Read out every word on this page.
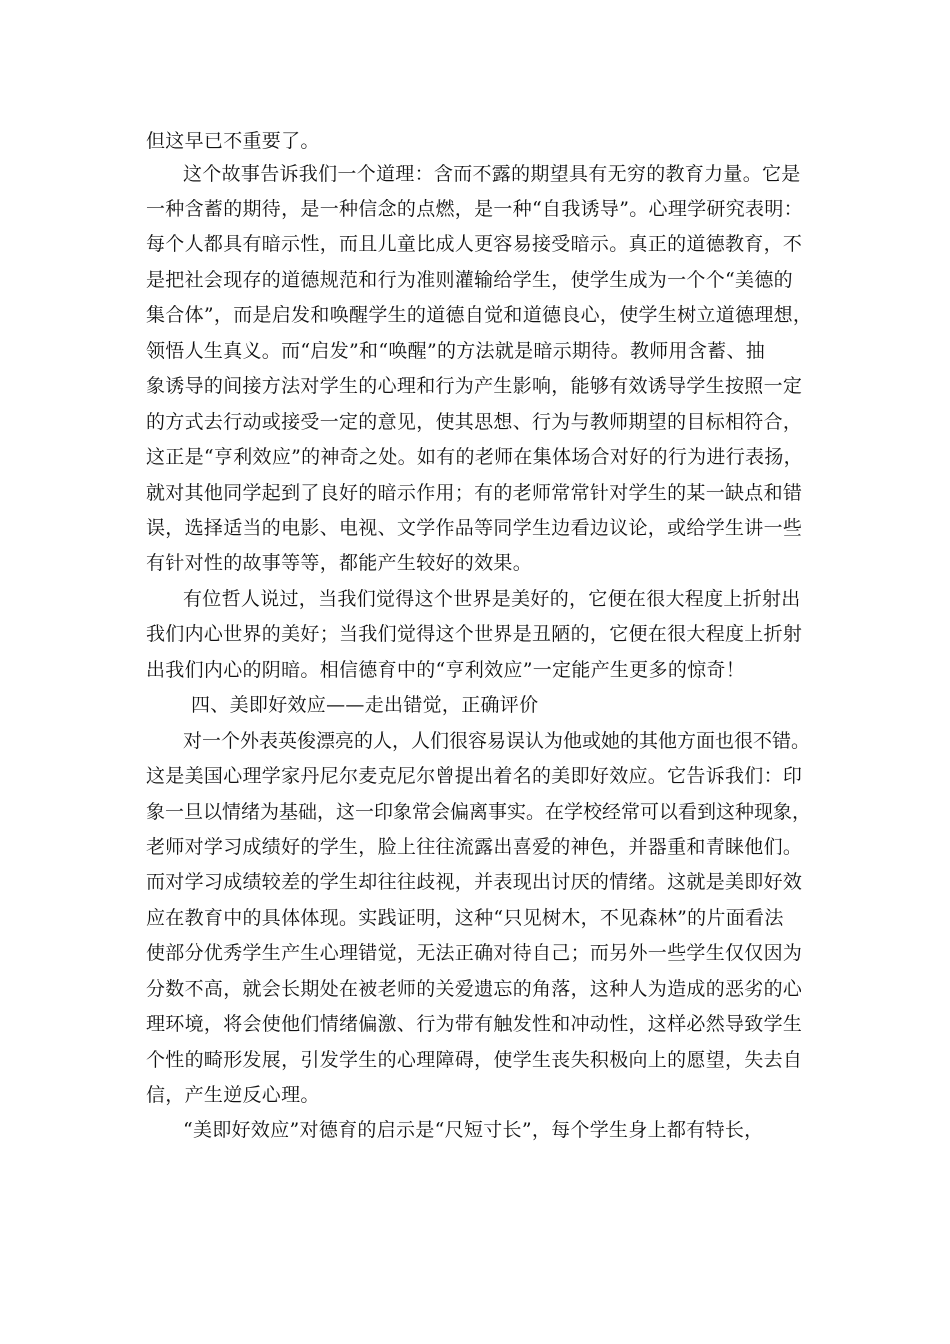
但这早已不重要了。
这个故事告诉我们一个道理：含而不露的期望具有无穷的教育力量。它是
一种含蓄的期待，是一种信念的点燃，是一种“自我诱导”。心理学研究表明：
每个人都具有暗示性，而且儿童比成人更容易接受暗示。真正的道德教育，不
是把社会现存的道德规范和行为准则灌输给学生，使学生成为一个个“美德的
集合体”，而是启发和唤醒学生的道德自觉和道德良心，使学生树立道德理想，
领悟人生真义。而“启发”和“唤醒”的方法就是暗示期待。教师用含蓄、抽
象诱导的间接方法对学生的心理和行为产生影响，能够有效诱导学生按照一定
的方式去行动或接受一定的意见，使其思想、行为与教师期望的目标相符合，
这正是“亨利效应”的神奇之处。如有的老师在集体场合对好的行为进行表扬，
就对其他同学起到了良好的暗示作用；有的老师常常针对学生的某一缺点和错
误，选择适当的电影、电视、文学作品等同学生边看边议论，或给学生讲一些
有针对性的故事等等，都能产生较好的效果。
有位哲人说过，当我们觉得这个世界是美好的，它便在很大程度上折射出
我们内心世界的美好；当我们觉得这个世界是丑陋的，它便在很大程度上折射
出我们内心的阴暗。相信德育中的“亨利效应”一定能产生更多的惊奇！
四、美即好效应——走出错觉，正确评价
对一个外表英俊漂亮的人，人们很容易误认为他或她的其他方面也很不错。
这是美国心理学家丹尼尔麦克尼尔曾提出着名的美即好效应。它告诉我们：印
象一旦以情绪为基础，这一印象常会偏离事实。在学校经常可以看到这种现象，
老师对学习成绩好的学生，脸上往往流露出喜爱的神色，并器重和青睐他们。
而对学习成绩较差的学生却往往歧视，并表现出讨厌的情绪。这就是美即好效
应在教育中的具体体现。实践证明，这种“只见树木，不见森林”的片面看法
使部分优秀学生产生心理错觉，无法正确对待自己；而另外一些学生仅仅因为
分数不高，就会长期处在被老师的关爱遗忘的角落，这种人为造成的恶劣的心
理环境，将会使他们情绪偏激、行为带有触发性和冲动性，这样必然导致学生
个性的畸形发展，引发学生的心理障碍，使学生丧失积极向上的愿望，失去自
信，产生逆反心理。
“美即好效应”对德育的启示是“尺短寸长”，每个学生身上都有特长，
